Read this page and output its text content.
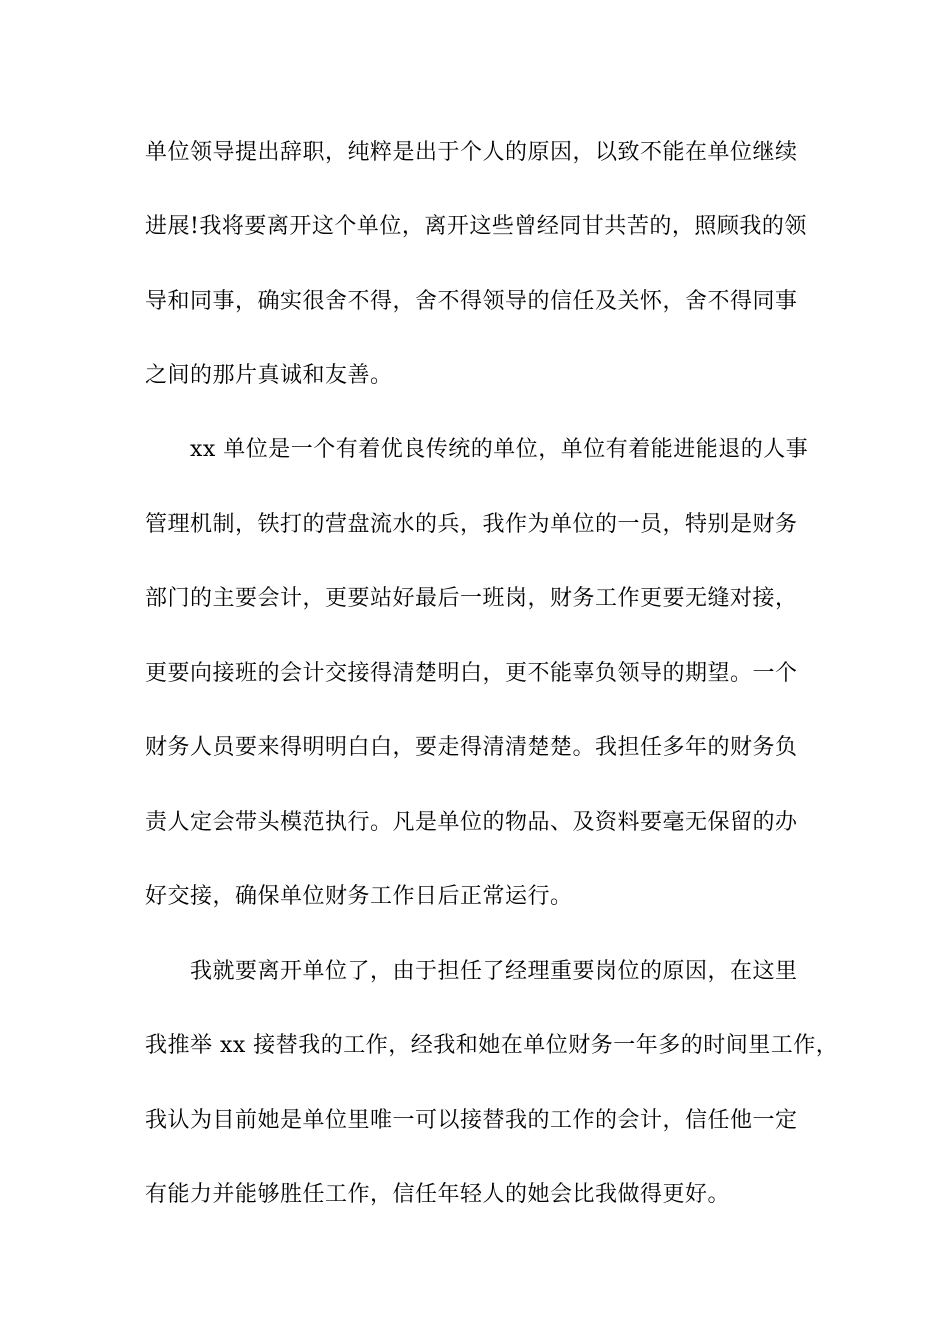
单位领导提出辞职，纯粹是出于个人的原因，以致不能在单位继续
进展!我将要离开这个单位，离开这些曾经同甘共苦的，照顾我的领
导和同事，确实很舍不得，舍不得领导的信任及关怀，舍不得同事
之间的那片真诚和友善。
xx 单位是一个有着优良传统的单位，单位有着能进能退的人事
管理机制，铁打的营盘流水的兵，我作为单位的一员，特别是财务
部门的主要会计，更要站好最后一班岗，财务工作更要无缝对接，
更要向接班的会计交接得清楚明白，更不能辜负领导的期望。一个
财务人员要来得明明白白，要走得清清楚楚。我担任多年的财务负
责人定会带头模范执行。凡是单位的物品、及资料要毫无保留的办
好交接，确保单位财务工作日后正常运行。
我就要离开单位了，由于担任了经理重要岗位的原因，在这里
我推举 xx 接替我的工作，经我和她在单位财务一年多的时间里工作，
我认为目前她是单位里唯一可以接替我的工作的会计，信任他一定
有能力并能够胜任工作，信任年轻人的她会比我做得更好。
